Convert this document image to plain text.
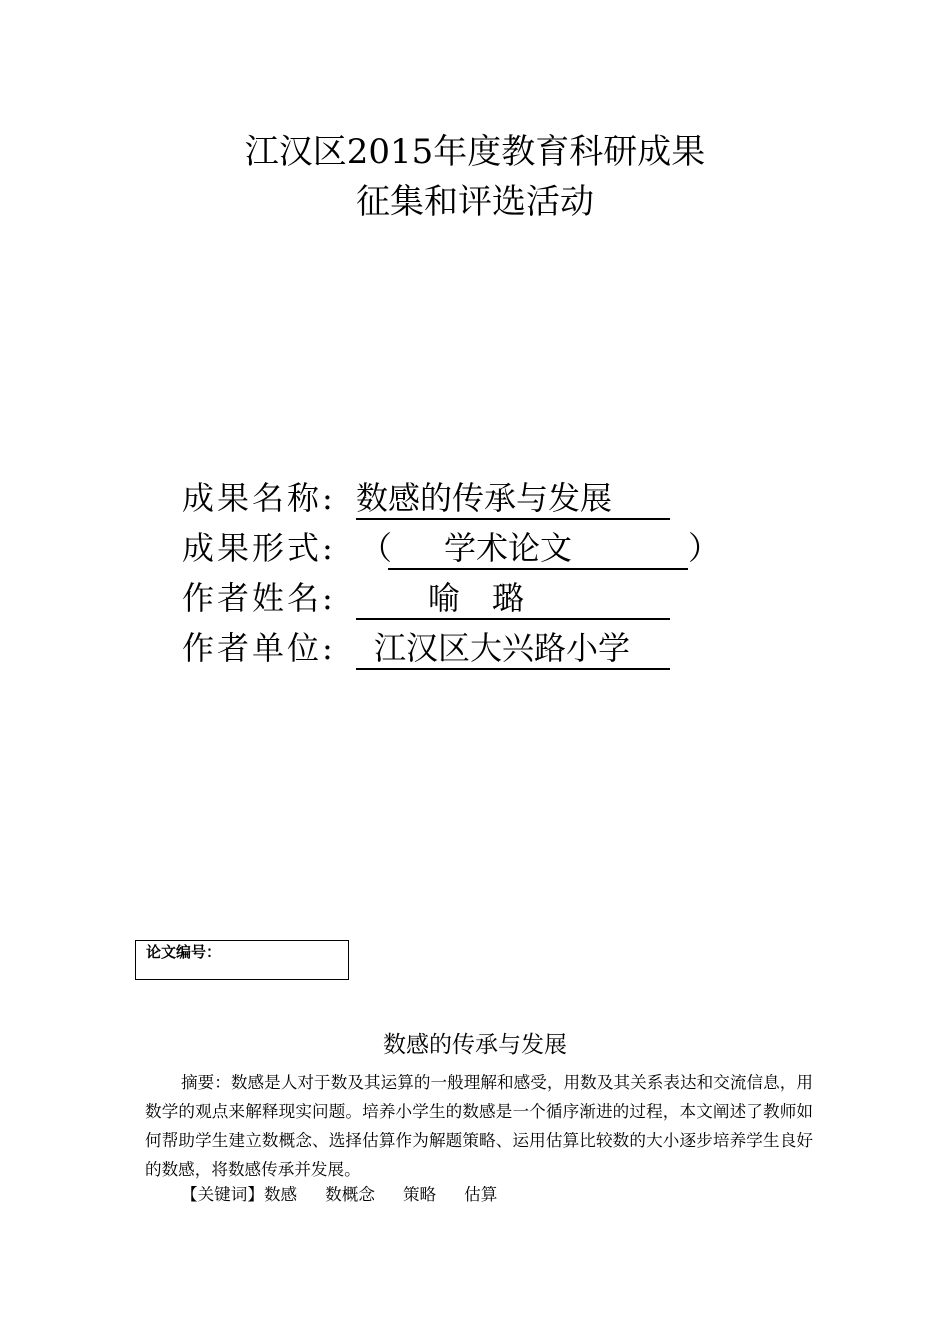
江汉区2015年度教育科研成果
征集和评选活动
成果名称: 数感的传承与发展
成果形式: （ 学术论文	）
作者姓名:	喻　璐
作者单位: 江汉区大兴路小学
论文编号：
数感的传承与发展

摘要：数感是人对于数及其运算的一般理解和感受，用数及其关系表达和交流信息，用数学的观点来解释现实问题。培养小学生的数感是一个循序渐进的过程，本文阐述了教师如何帮助学生建立数概念、选择估算作为解题策略、运用估算比较数的大小逐步培养学生良好的数感，将数感传承并发展。

【关键词】数感 数概念 策略 估算
